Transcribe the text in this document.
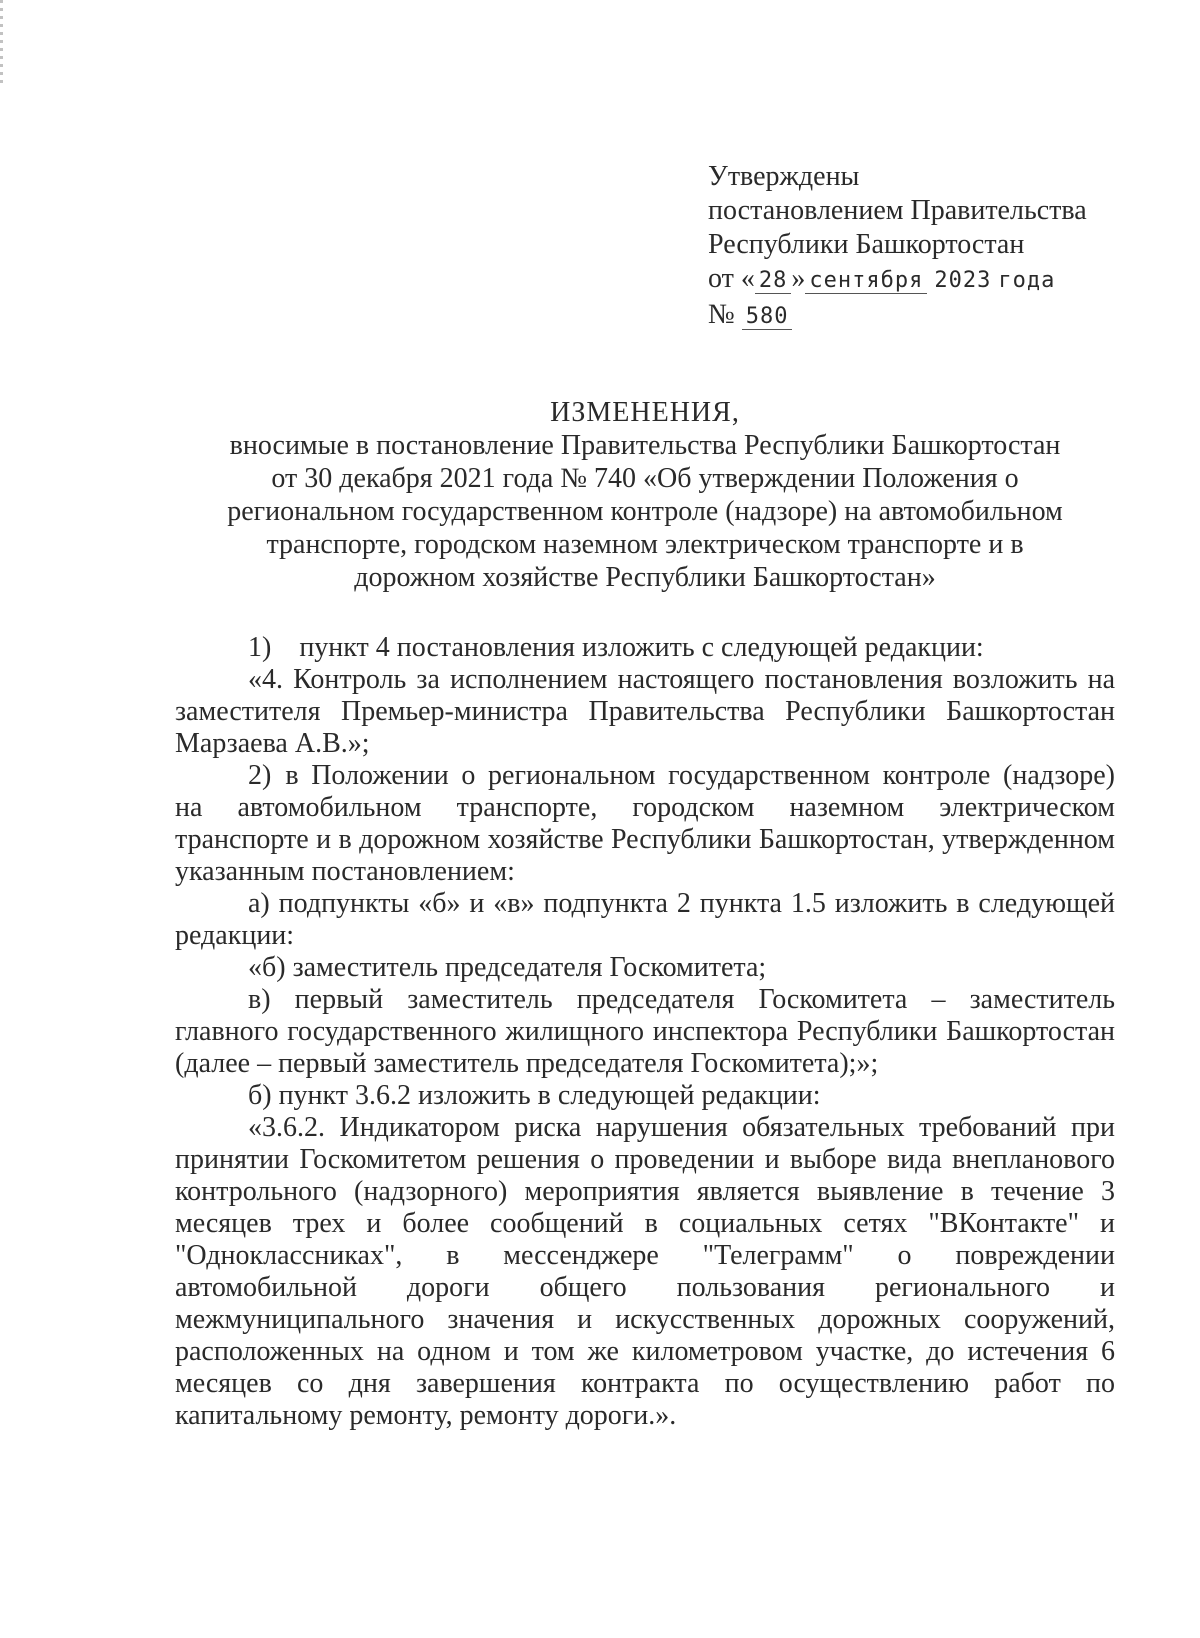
Утверждены
постановлением Правительства
Республики Башкортостан
от « 28 » сентября 2023 года
№ 580
ИЗМЕНЕНИЯ,
вносимые в постановление Правительства Республики Башкортостан
от 30 декабря 2021 года № 740 «Об утверждении Положения о
региональном государственном контроле (надзоре) на автомобильном
транспорте, городском наземном электрическом транспорте и в
дорожном хозяйстве Республики Башкортостан»

1) пункт 4 постановления изложить с следующей редакции:

«4. Контроль за исполнением настоящего постановления возложить на заместителя Премьер-министра Правительства Республики Башкортостан Марзаева А.В.»;

2) в Положении о региональном государственном контроле (надзоре) на автомобильном транспорте, городском наземном электрическом транспорте и в дорожном хозяйстве Республики Башкортостан, утвержденном указанным постановлением:

а) подпункты «б» и «в» подпункта 2 пункта 1.5 изложить в следующей редакции:

«б) заместитель председателя Госкомитета;

в) первый заместитель председателя Госкомитета – заместитель главного государственного жилищного инспектора Республики Башкортостан (далее – первый заместитель председателя Госкомитета);»;

б) пункт 3.6.2 изложить в следующей редакции:

«3.6.2. Индикатором риска нарушения обязательных требований при принятии Госкомитетом решения о проведении и выборе вида внепланового контрольного (надзорного) мероприятия является выявление в течение 3 месяцев трех и более сообщений в социальных сетях "ВКонтакте" и "Одноклассниках", в мессенджере "Телеграмм" о повреждении автомобильной дороги общего пользования регионального и межмуниципального значения и искусственных дорожных сооружений, расположенных на одном и том же километровом участке, до истечения 6 месяцев со дня завершения контракта по осуществлению работ по капитальному ремонту, ремонту дороги.».
